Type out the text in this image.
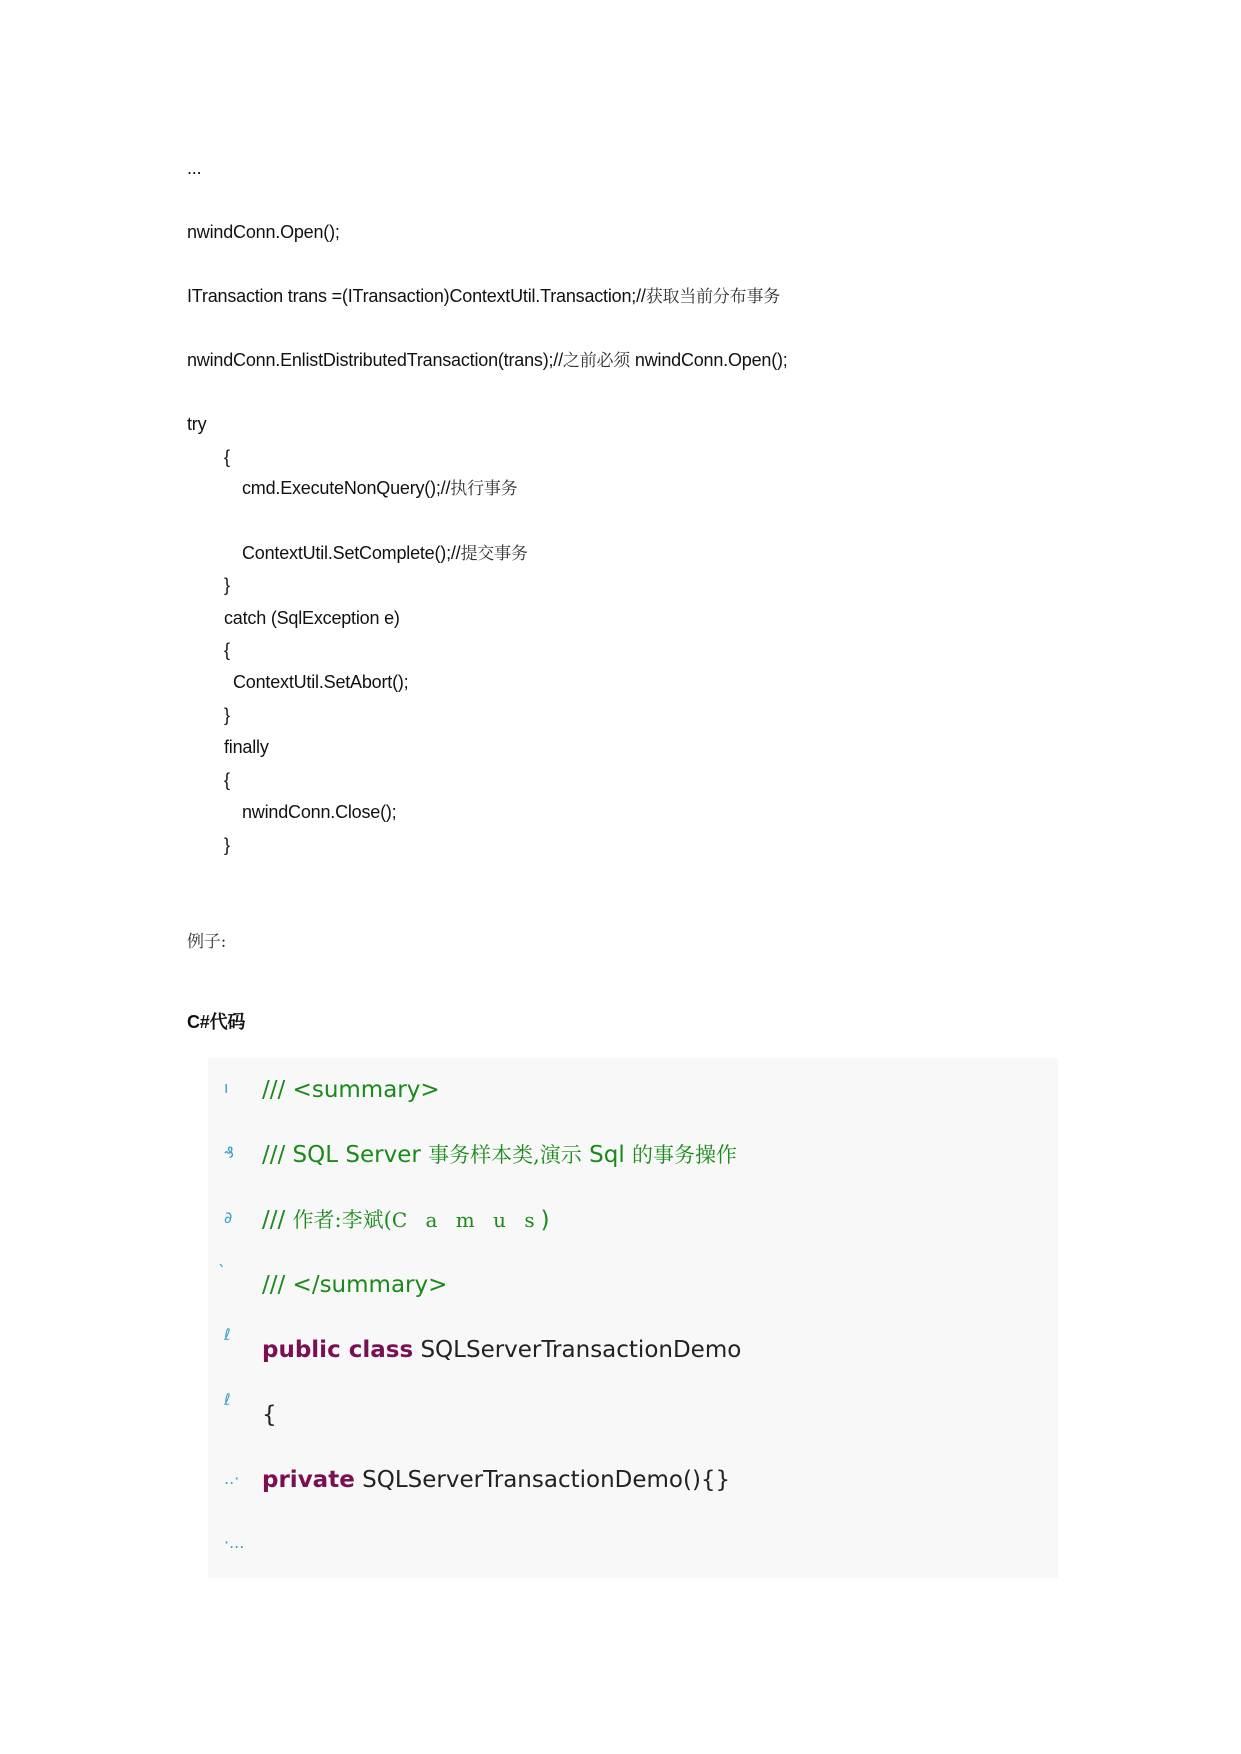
...
nwindConn.Open();
ITransaction trans =(ITransaction)ContextUtil.Transaction;//获取当前分布事务
nwindConn.EnlistDistributedTransaction(trans);//之前必须 nwindConn.Open();
try
{
cmd.ExecuteNonQuery();//执行事务
ContextUtil.SetComplete();//提交事务
}
catch (SqlException e)
{
ContextUtil.SetAbort();
}
finally
{
nwindConn.Close();
}
例子:
C#代码
ı
₰
∂
`
ℓ
ℓ
..·
·...
/// <summary>
/// SQL Server 事务样本类,演示 Sql 的事务操作
/// 作者:李斌(C a m u s)
/// </summary>
public class SQLServerTransactionDemo
{
private SQLServerTransactionDemo(){}
